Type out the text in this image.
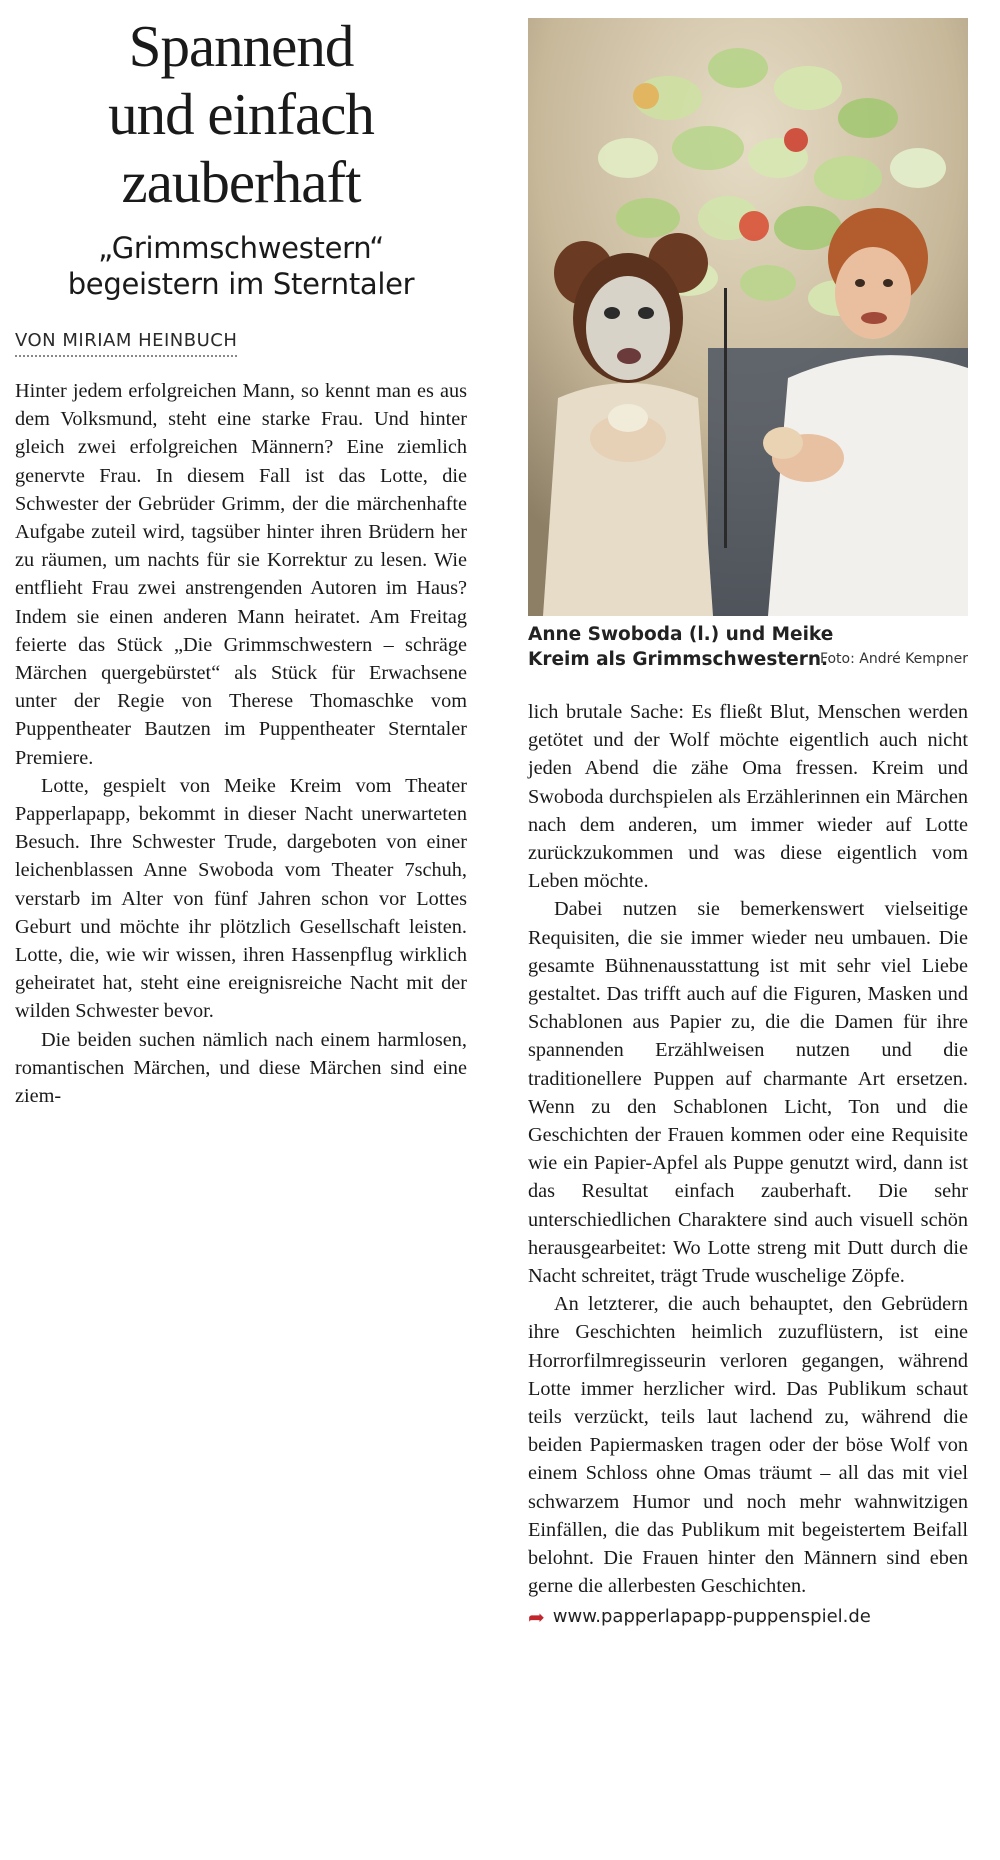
Spannend
und einfach
zauberhaft
„Grimmschwestern“
begeistern im Sterntaler
VON MIRIAM HEINBUCH

Hinter jedem erfolgreichen Mann, so kennt man es aus dem Volksmund, steht eine starke Frau. Und hinter gleich zwei erfolgreichen Männern? Eine ziemlich genervte Frau. In diesem Fall ist das Lotte, die Schwester der Gebrüder Grimm, der die märchenhafte Aufgabe zuteil wird, tagsüber hinter ihren Brüdern her zu räumen, um nachts für sie Korrektur zu lesen. Wie entflieht Frau zwei anstrengenden Autoren im Haus? Indem sie einen anderen Mann heiratet. Am Freitag feierte das Stück „Die Grimmschwestern – schräge Märchen quergebürstet“ als Stück für Erwachsene unter der Regie von Therese Thomaschke vom Puppentheater Bautzen im Puppentheater Sterntaler Premiere.

Lotte, gespielt von Meike Kreim vom Theater Papperlapapp, bekommt in dieser Nacht unerwarteten Besuch. Ihre Schwester Trude, dargeboten von einer leichenblassen Anne Swoboda vom Theater 7schuh, verstarb im Alter von fünf Jahren schon vor Lottes Geburt und möchte ihr plötzlich Gesellschaft leisten. Lotte, die, wie wir wissen, ihren Hassenpflug wirklich geheiratet hat, steht eine ereignisreiche Nacht mit der wilden Schwester bevor.

Die beiden suchen nämlich nach einem harmlosen, romantischen Märchen, und diese Märchen sind eine ziem-

Anne Swoboda (l.) und Meike Kreim als Grimmschwestern.
Foto: André Kempner

lich brutale Sache: Es fließt Blut, Menschen werden getötet und der Wolf möchte eigentlich auch nicht jeden Abend die zähe Oma fressen. Kreim und Swoboda durchspielen als Erzählerinnen ein Märchen nach dem anderen, um immer wieder auf Lotte zurückzukommen und was diese eigentlich vom Leben möchte.

Dabei nutzen sie bemerkenswert vielseitige Requisiten, die sie immer wieder neu umbauen. Die gesamte Bühnenausstattung ist mit sehr viel Liebe gestaltet. Das trifft auch auf die Figuren, Masken und Schablonen aus Papier zu, die die Damen für ihre spannenden Erzählweisen nutzen und die traditionellere Puppen auf charmante Art ersetzen. Wenn zu den Schablonen Licht, Ton und die Geschichten der Frauen kommen oder eine Requisite wie ein Papier-Apfel als Puppe genutzt wird, dann ist das Resultat einfach zauberhaft. Die sehr unterschiedlichen Charaktere sind auch visuell schön herausgearbeitet: Wo Lotte streng mit Dutt durch die Nacht schreitet, trägt Trude wuschelige Zöpfe.

An letzterer, die auch behauptet, den Gebrüdern ihre Geschichten heimlich zuzuflüstern, ist eine Horrorfilmregisseurin verloren gegangen, während Lotte immer herzlicher wird. Das Publikum schaut teils verzückt, teils laut lachend zu, während die beiden Papiermasken tragen oder der böse Wolf von einem Schloss ohne Omas träumt – all das mit viel schwarzem Humor und noch mehr wahnwitzigen Einfällen, die das Publikum mit begeistertem Beifall belohnt. Die Frauen hinter den Männern sind eben gerne die allerbesten Geschichten.

➦ www.papperlapapp-puppenspiel.de
